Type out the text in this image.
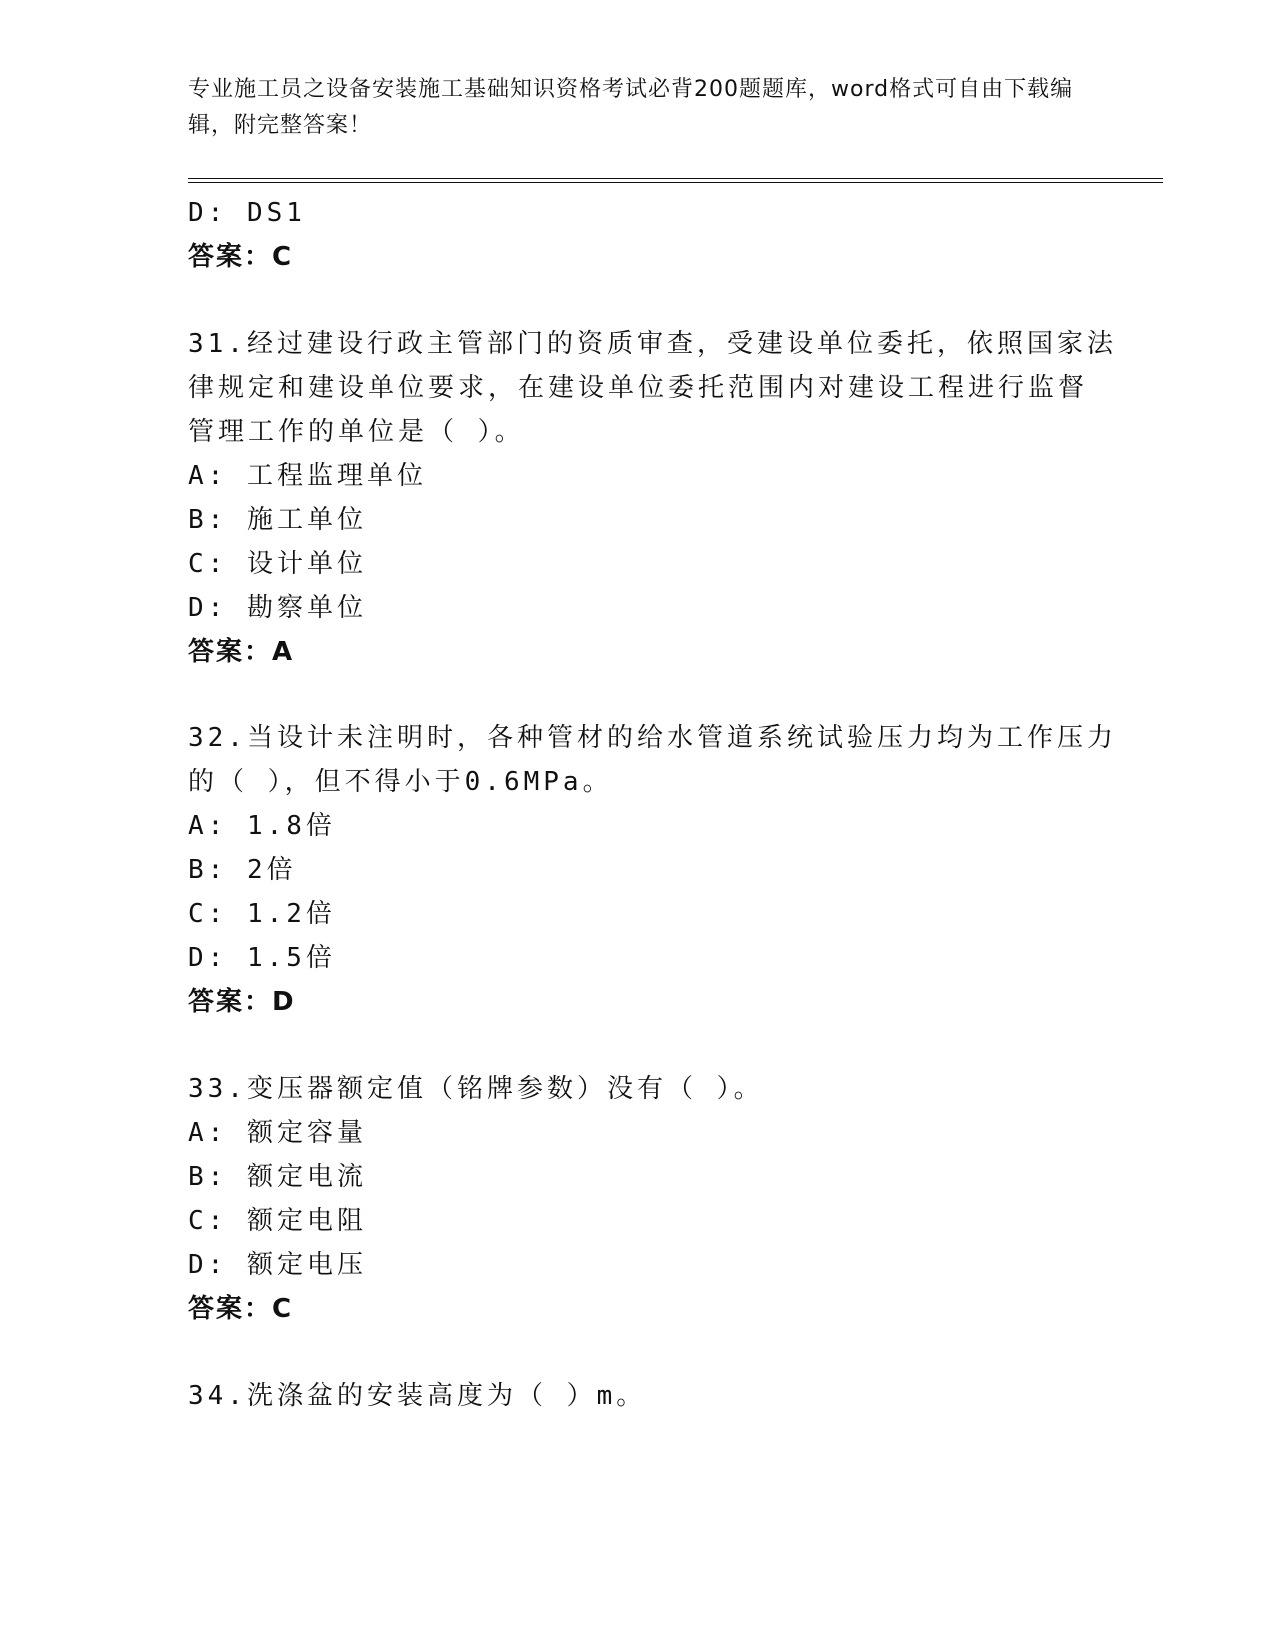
专业施工员之设备安装施工基础知识资格考试必背200题题库，word格式可自由下载编辑，附完整答案！
D: DS1
答案：C
31.经过建设行政主管部门的资质审查，受建设单位委托，依照国家法
律规定和建设单位要求，在建设单位委托范围内对建设工程进行监督
管理工作的单位是（ ）。
A: 工程监理单位
B: 施工单位
C: 设计单位
D: 勘察单位
答案：A
32.当设计未注明时，各种管材的给水管道系统试验压力均为工作压力
的（ ），但不得小于0.6MPa。
A: 1.8倍
B: 2倍
C: 1.2倍
D: 1.5倍
答案：D
33.变压器额定值（铭牌参数）没有（ ）。
A: 额定容量
B: 额定电流
C: 额定电阻
D: 额定电压
答案：C
34.洗涤盆的安装高度为（ ）m。
